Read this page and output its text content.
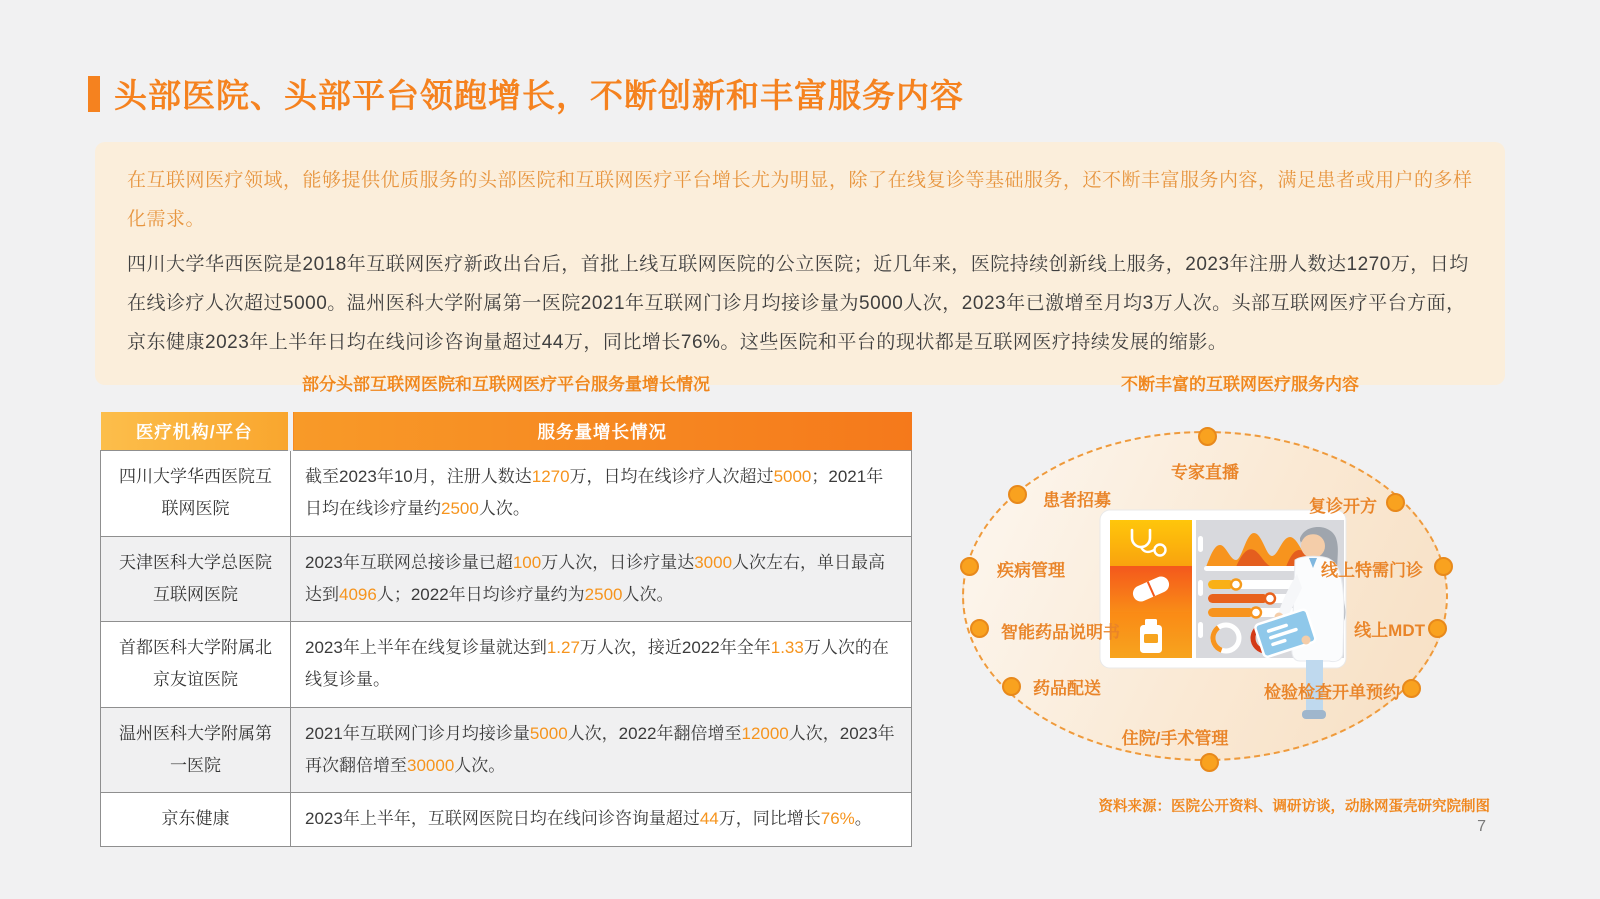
头部医院、头部平台领跑增长，不断创新和丰富服务内容

在互联网医疗领域，能够提供优质服务的头部医院和互联网医疗平台增长尤为明显，除了在线复诊等基础服务，还不断丰富服务内容，满足患者或用户的多样化需求。

四川大学华西医院是2018年互联网医疗新政出台后，首批上线互联网医院的公立医院；近几年来，医院持续创新线上服务，2023年注册人数达1270万，日均在线诊疗人次超过5000。温州医科大学附属第一医院2021年互联网门诊月均接诊量为5000人次，2023年已激增至月均3万人次。头部互联网医疗平台方面，京东健康2023年上半年日均在线问诊咨询量超过44万，同比增长76%。这些医院和平台的现状都是互联网医疗持续发展的缩影。

部分头部互联网医院和互联网医疗平台服务量增长情况
医疗机构/平台	服务量增长情况
四川大学华西医院互联网医院	截至2023年10月，注册人数达1270万，日均在线诊疗人次超过5000；2021年日均在线诊疗量约2500人次。
天津医科大学总医院互联网医院	2023年互联网总接诊量已超100万人次，日诊疗量达3000人次左右，单日最高达到4096人；2022年日均诊疗量约为2500人次。
首都医科大学附属北京友谊医院	2023年上半年在线复诊量就达到1.27万人次，接近2022年全年1.33万人次的在线复诊量。
温州医科大学附属第一医院	2021年互联网门诊月均接诊量5000人次，2022年翻倍增至12000人次，2023年再次翻倍增至30000人次。
京东健康	2023年上半年，互联网医院日均在线问诊咨询量超过44万，同比增长76%。
不断丰富的互联网医疗服务内容
专家直播
复诊开方
线上特需门诊
线上MDT
检验检查开单预约
住院/手术管理
药品配送
智能药品说明书
疾病管理
患者招募
资料来源：医院公开资料、调研访谈，动脉网蛋壳研究院制图
7
